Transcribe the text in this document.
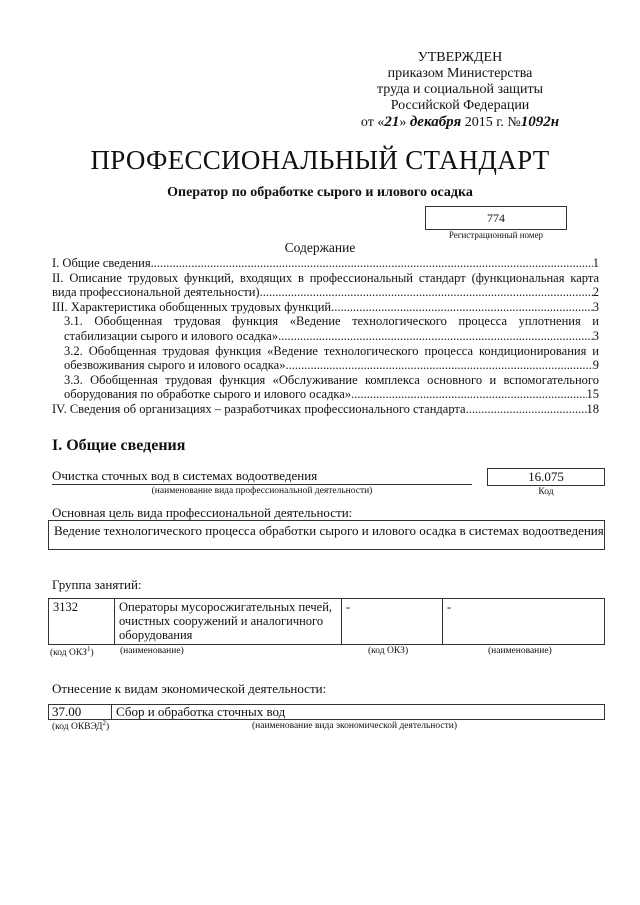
УТВЕРЖДЕН
приказом Министерства
труда и социальной защиты
Российской Федерации
от «21» декабря 2015 г. №1092н
ПРОФЕССИОНАЛЬНЫЙ СТАНДАРТ
Оператор по обработке сырого и илового осадка
774
Регистрационный номер
Содержание
I. Общие сведения .....	1
II. Описание трудовых функций, входящих в профессиональный стандарт (функциональная карта
вида профессиональной деятельности) .....	2
III. Характеристика обобщенных трудовых функций .....	3
3.1. Обобщенная трудовая функция «Ведение технологического процесса уплотнения и
стабилизации сырого и илового осадка» .....	3
3.2. Обобщенная трудовая функция «Ведение технологического процесса кондиционирования и
обезвоживания сырого и илового осадка» .....	9
3.3. Обобщенная трудовая функция «Обслуживание комплекса основного и вспомогательного
оборудования по обработке сырого и илового осадка» .....	15
IV. Сведения об организациях – разработчиках профессионального стандарта .....	18
I. Общие сведения
Очистка сточных вод в системах водоотведения
(наименование вида профессиональной деятельности)
16.075
Код
Основная цель вида профессиональной деятельности:
Ведение технологического процесса обработки сырого и илового осадка в системах водоотведения
Группа занятий:
3132	Операторы мусоросжигательных печей, очистных сооружений и аналогичного оборудования	-	-
(код ОКЗ$^1$)	(наименование)	(код ОКЗ)	(наименование)
Отнесение к видам экономической деятельности:
37.00	Сбор и обработка сточных вод
(код ОКВЭД$^2$)	(наименование вида экономической деятельности)
